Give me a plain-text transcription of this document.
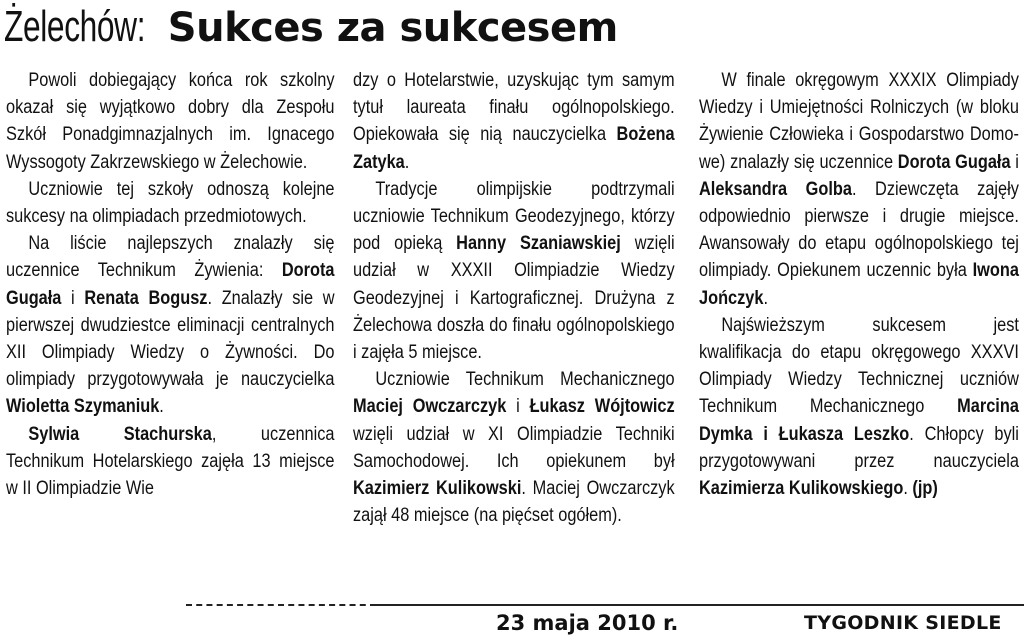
Żelechów: Sukces za sukcesem

Powoli dobiegający końca rok szkolny okazał się wyjątkowo dobry dla Zespołu Szkół Ponadgimnazjalnych im. Ignacego Wyssogoty Zakrzewskiego w Żelechowie.

Uczniowie tej szkoły odnoszą kolejne sukcesy na olimpiadach przedmiotowych.

Na liście najlepszych znalazły się uczennice Technikum Żywienia: Dorota Gugała i Renata Bogusz. Znalazły sie w pierwszej dwudziestce eliminacji centralnych XII Olimpiady Wiedzy o Żywności. Do olimpiady przygotowywała je nauczycielka Wioletta Szymaniuk.

Sylwia Stachurska, uczennica Technikum Hotelarskiego zajęła 13 miejsce w II Olimpiadzie Wie

dzy o Hotelarstwie, uzyskując tym samym tytuł laureata finału ogólnopolskiego. Opiekowała się nią nauczycielka Bożena Zatyka.

Tradycje olimpijskie podtrzymali uczniowie Technikum Geodezyjnego, którzy pod opieką Hanny Szaniawskiej wzięli udział w XXXII Olimpiadzie Wiedzy Geodezyjnej i Kartograficznej. Drużyna z Żelechowa doszła do finału ogólnopolskiego i zajęła 5 miejsce.

Uczniowie Technikum Mechanicznego Maciej Owczarczyk i Łukasz Wójtowicz wzięli udział w XI Olimpiadzie Techniki Samochodowej. Ich opiekunem był Kazimierz Kulikowski. Maciej Owczarczyk zajął 48 miejsce (na pięćset ogółem).

W finale okręgowym XXXIX Olimpiady Wiedzy i Umiejętności Rolniczych (w bloku Żywienie Człowieka i Gospodarstwo Domowe) znalazły się uczennice Dorota Gugała i Aleksandra Golba. Dziewczęta zajęły odpowiednio pierwsze i drugie miejsce. Awansowały do etapu ogólnopolskiego tej olimpiady. Opiekunem uczennic była Iwona Jończyk.

Najświeższym sukcesem jest kwalifikacja do etapu okręgowego XXXVI Olimpiady Wiedzy Technicznej uczniów Technikum Mechanicznego Marcina Dymka i Łukasza Leszko. Chłopcy byli przygotowywani przez nauczyciela Kazimierza Kulikowskiego. (jp)

23 maja 2010 r.	TYGODNIK SIEDLE
